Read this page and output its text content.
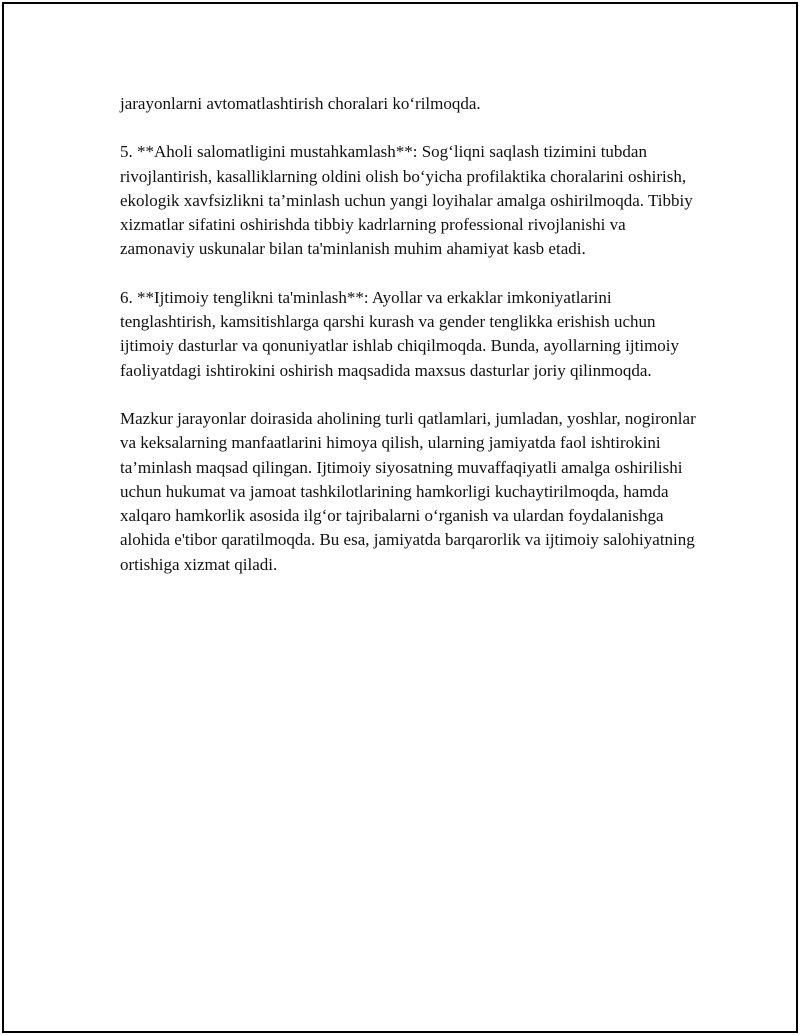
jarayonlarni avtomatlashtirish choralari ko‘rilmoqda.

5. **Aholi salomatligini mustahkamlash**: Sog‘liqni saqlash tizimini tubdan rivojlantirish, kasalliklarning oldini olish bo‘yicha profilaktika choralarini oshirish, ekologik xavfsizlikni ta’minlash uchun yangi loyihalar amalga oshirilmoqda. Tibbiy xizmatlar sifatini oshirishda tibbiy kadrlarning professional rivojlanishi va zamonaviy uskunalar bilan ta'minlanish muhim ahamiyat kasb etadi.

6. **Ijtimoiy tenglikni ta'minlash**: Ayollar va erkaklar imkoniyatlarini tenglashtirish, kamsitishlarga qarshi kurash va gender tenglikka erishish uchun ijtimoiy dasturlar va qonuniyatlar ishlab chiqilmoqda. Bunda, ayollarning ijtimoiy faoliyatdagi ishtirokini oshirish maqsadida maxsus dasturlar joriy qilinmoqda.

Mazkur jarayonlar doirasida aholining turli qatlamlari, jumladan, yoshlar, nogironlar va keksalarning manfaatlarini himoya qilish, ularning jamiyatda faol ishtirokini ta’minlash maqsad qilingan. Ijtimoiy siyosatning muvaffaqiyatli amalga oshirilishi uchun hukumat va jamoat tashkilotlarining hamkorligi kuchaytirilmoqda, hamda xalqaro hamkorlik asosida ilg‘or tajribalarni o‘rganish va ulardan foydalanishga alohida e'tibor qaratilmoqda. Bu esa, jamiyatda barqarorlik va ijtimoiy salohiyatning ortishiga xizmat qiladi.
